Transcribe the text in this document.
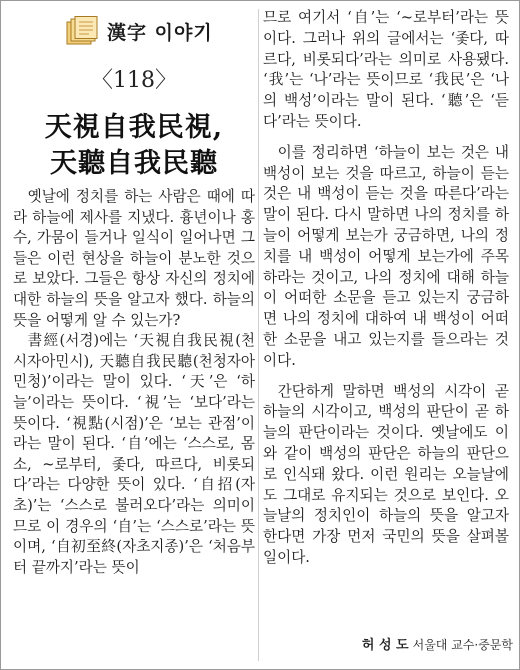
漢字 이야기
〈118〉
天視自我民視,
天聽自我民聽

옛날에 정치를 하는 사람은 때에 따라 하늘에 제사를 지냈다. 흉년이나 홍수, 가뭄이 들거나 일식이 일어나면 그들은 이런 현상을 하늘이 분노한 것으로 보았다. 그들은 항상 자신의 정치에 대한 하늘의 뜻을 알고자 했다. 하늘의 뜻을 어떻게 알 수 있는가?

書經(서경)에는 ‘天視自我民視(천시자아민시), 天聽自我民聽(천청자아민청)’이라는 말이 있다. ‘天’은 ‘하늘’이라는 뜻이다. ‘視’는 ‘보다’라는 뜻이다. ‘視點(시점)’은 ‘보는 관점’이라는 말이 된다. ‘自’에는 ‘스스로, 몸소, ~로부터, 좇다, 따르다, 비롯되다’라는 다양한 뜻이 있다. ‘自招(자초)’는 ‘스스로 불러오다’라는 의미이므로 이 경우의 ‘自’는 ‘스스로’라는 뜻이며, ‘自初至終(자초지종)’은 ‘처음부터 끝까지’라는 뜻이

므로 여기서 ‘自’는 ‘~로부터’라는 뜻이다. 그러나 위의 글에서는 ‘좇다, 따르다, 비롯되다’라는 의미로 사용됐다. ‘我’는 ‘나’라는 뜻이므로 ‘我民’은 ‘나의 백성’이라는 말이 된다. ‘聽’은 ‘듣다’라는 뜻이다.

이를 정리하면 ‘하늘이 보는 것은 내 백성이 보는 것을 따르고, 하늘이 듣는 것은 내 백성이 듣는 것을 따른다’라는 말이 된다. 다시 말하면 나의 정치를 하늘이 어떻게 보는가 궁금하면, 나의 정치를 내 백성이 어떻게 보는가에 주목하라는 것이고, 나의 정치에 대해 하늘이 어떠한 소문을 듣고 있는지 궁금하면 나의 정치에 대하여 내 백성이 어떠한 소문을 내고 있는지를 들으라는 것이다.

간단하게 말하면 백성의 시각이 곧 하늘의 시각이고, 백성의 판단이 곧 하늘의 판단이라는 것이다. 옛날에도 이와 같이 백성의 판단은 하늘의 판단으로 인식돼 왔다. 이런 원리는 오늘날에도 그대로 유지되는 것으로 보인다. 오늘날의 정치인이 하늘의 뜻을 알고자 한다면 가장 먼저 국민의 뜻을 살펴볼 일이다.

허 성 도 서울대 교수·중문학
